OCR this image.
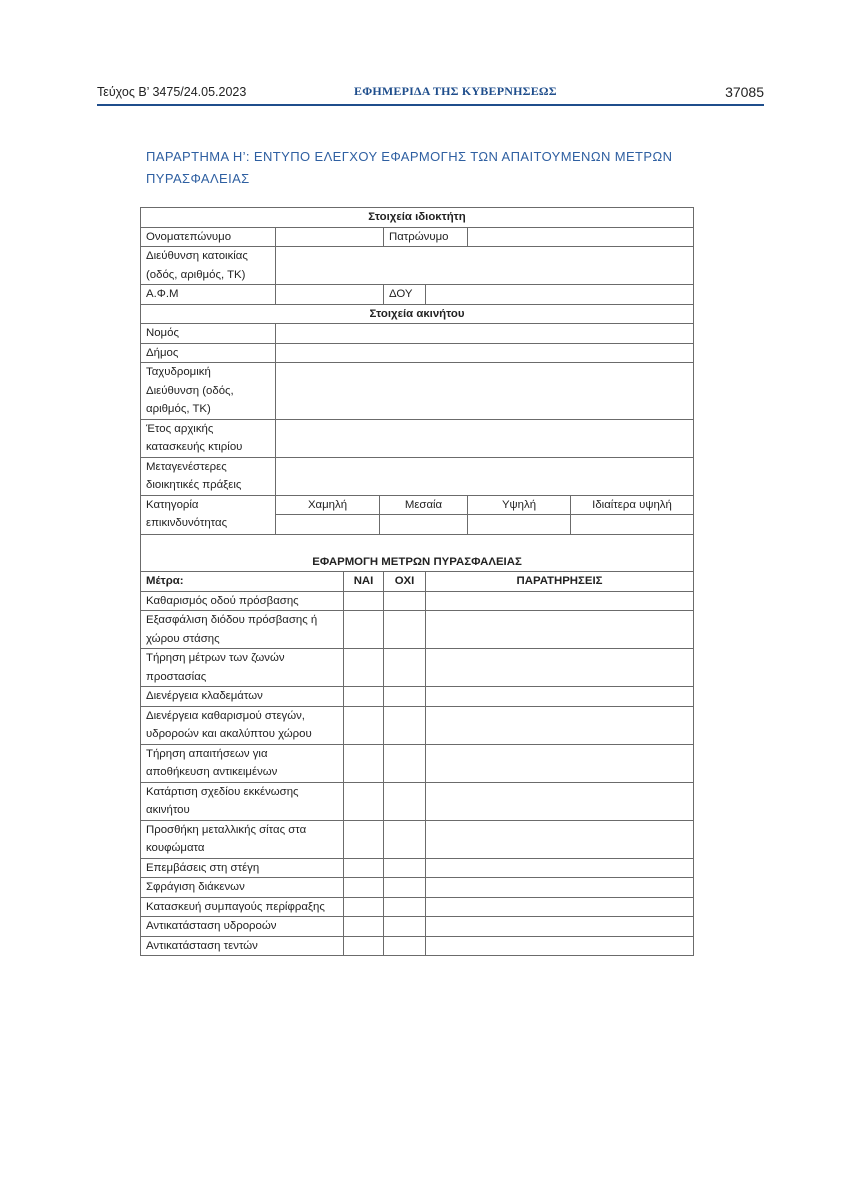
Τεύχος Β’ 3475/24.05.2023	ΕΦΗΜΕΡΙΔΑ ΤΗΣ ΚΥΒΕΡΝΗΣΕΩΣ	37085
ΠΑΡΑΡΤΗΜΑ Η’: ΕΝΤΥΠΟ ΕΛΕΓΧΟΥ ΕΦΑΡΜΟΓΗΣ ΤΩΝ ΑΠΑΙΤΟΥΜΕΝΩΝ ΜΕΤΡΩΝ
ΠΥΡΑΣΦΑΛΕΙΑΣ
Στοιχεία ιδιοκτήτη							
Ονοματεπώνυμο				Πατρώνυμο			

Διεύθυνση κατοικίας
(οδός, αριθμός, ΤΚ)							

Α.Φ.Μ				ΔΟΥ			
Στοιχεία ακινήτου							
Νομός							
Δήμος							

Ταχυδρομική
Διεύθυνση (οδός,
αριθμός, ΤΚ)							

Έτος αρχικής
κατασκευής κτιρίου							

Μεταγενέστερες
διοικητικές πράξεις							

Κατηγορία
επικινδυνότητας	Χαμηλή		Μεσαία			Υψηλή	Ιδιαίτερα υψηλή

ΕΦΑΡΜΟΓΗ ΜΕΤΡΩΝ ΠΥΡΑΣΦΑΛΕΙΑΣ							
Μέτρα:		ΝΑΙ		ΟΧΙ	ΠΑΡΑΤΗΡΗΣΕΙΣ		

Καθαρισμός οδού πρόσβασης							

Εξασφάλιση διόδου πρόσβασης ή
χώρου στάσης							

Τήρηση μέτρων των ζωνών
προστασίας							

Διενέργεια κλαδεμάτων							

Διενέργεια καθαρισμού στεγών,
υδρορoών και ακαλύπτου χώρου							

Τήρηση απαιτήσεων για
αποθήκευση αντικειμένων							

Κατάρτιση σχεδίου εκκένωσης
ακινήτου							

Προσθήκη μεταλλικής σίτας στα
κουφώματα							

Επεμβάσεις στη στέγη							

Σφράγιση διάκενων							

Κατασκευή συμπαγούς περίφραξης							

Αντικατάσταση υδρορoών							

Αντικατάσταση τεντών							
